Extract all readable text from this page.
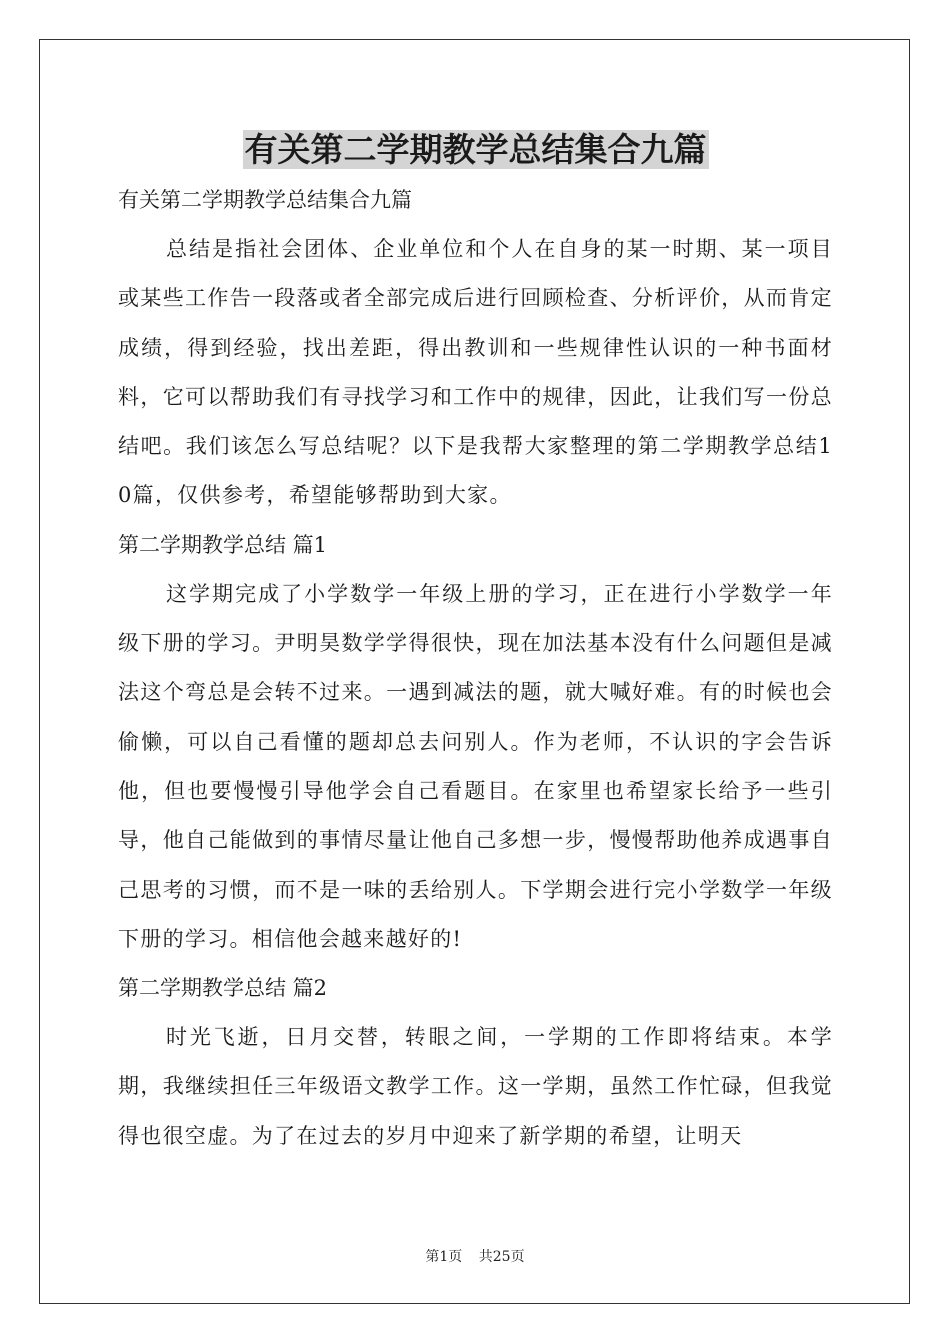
有关第二学期教学总结集合九篇

有关第二学期教学总结集合九篇

总结是指社会团体、企业单位和个人在自身的某一时期、某一项目或某些工作告一段落或者全部完成后进行回顾检查、分析评价，从而肯定成绩，得到经验，找出差距，得出教训和一些规律性认识的一种书面材料，它可以帮助我们有寻找学习和工作中的规律，因此，让我们写一份总结吧。我们该怎么写总结呢？以下是我帮大家整理的第二学期教学总结10篇，仅供参考，希望能够帮助到大家。

第二学期教学总结 篇1

这学期完成了小学数学一年级上册的学习，正在进行小学数学一年级下册的学习。尹明昊数学学得很快，现在加法基本没有什么问题但是减法这个弯总是会转不过来。一遇到减法的题，就大喊好难。有的时候也会偷懒，可以自己看懂的题却总去问别人。作为老师，不认识的字会告诉他，但也要慢慢引导他学会自己看题目。在家里也希望家长给予一些引导，他自己能做到的事情尽量让他自己多想一步，慢慢帮助他养成遇事自己思考的习惯，而不是一味的丢给别人。下学期会进行完小学数学一年级下册的学习。相信他会越来越好的!

第二学期教学总结 篇2

时光飞逝，日月交替，转眼之间，一学期的工作即将结束。本学期，我继续担任三年级语文教学工作。这一学期，虽然工作忙碌，但我觉得也很空虚。为了在过去的岁月中迎来了新学期的希望，让明天

第1页 共25页
